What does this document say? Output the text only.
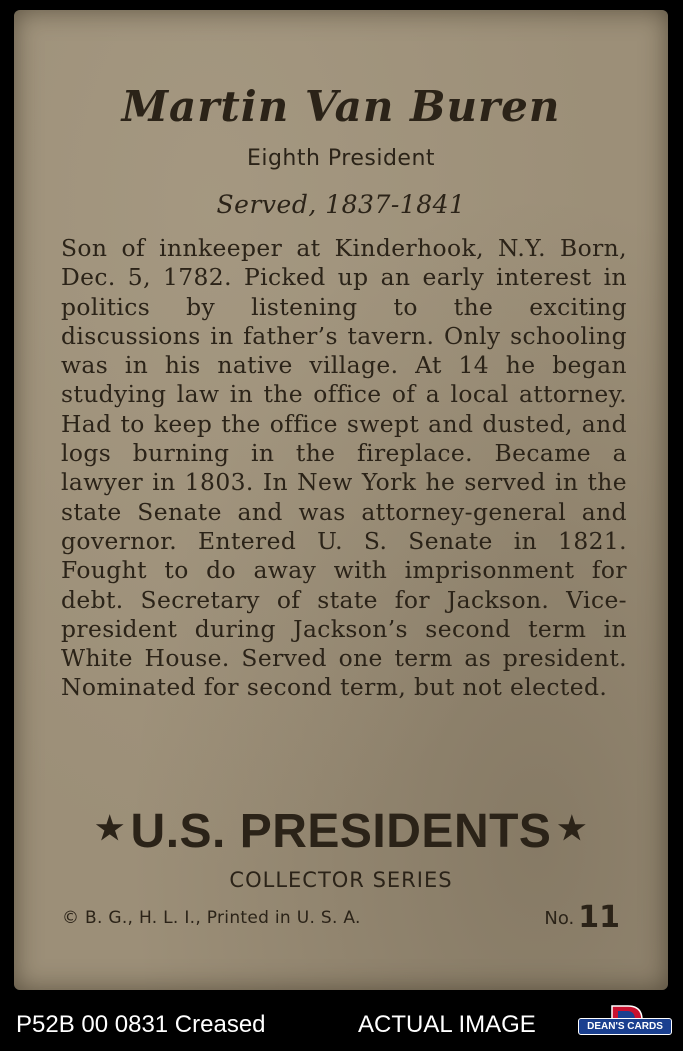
Martin Van Buren
Eighth President
Served, 1837-1841

Son of innkeeper at Kinderhook, N.Y. Born, Dec. 5, 1782. Picked up an early interest in politics by listening to the exciting discussions in father’s tavern. Only schooling was in his native village. At 14 he began studying law in the office of a local attorney. Had to keep the office swept and dusted, and logs burning in the fireplace. Became a lawyer in 1803. In New York he served in the state Senate and was attorney-general and governor. Entered U. S. Senate in 1821. Fought to do away with imprisonment for debt. Secretary of state for Jackson. Vice-president during Jackson’s second term in White House. Served one term as president. Nominated for second term, but not elected.

★ U.S. PRESIDENTS ★
COLLECTOR SERIES
© B. G., H. L. I., Printed in U. S. A.	No. 11
P52B 00 0831 Creased	ACTUAL IMAGE	DEAN'S CARDS
